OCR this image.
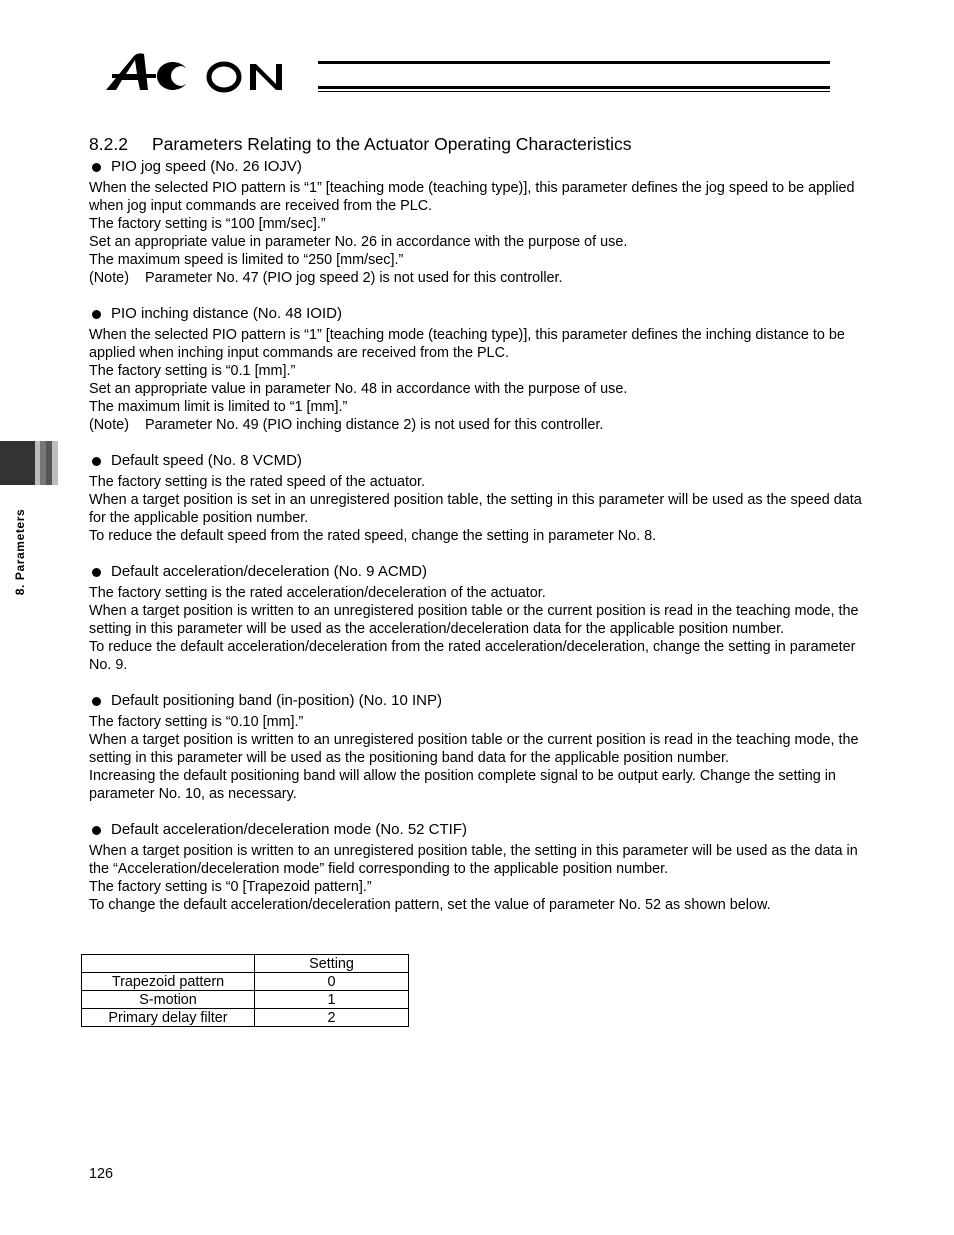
8. Parameters
8.2.2	Parameters Relating to the Actuator Operating Characteristics
PIO jog speed (No. 26 IOJV)

When the selected PIO pattern is “1” [teaching mode (teaching type)], this parameter defines the jog speed to be applied when jog input commands are received from the PLC.

The factory setting is “100 [mm/sec].”

Set an appropriate value in parameter No. 26 in accordance with the purpose of use.

The maximum speed is limited to “250 [mm/sec].”

(Note)	Parameter No. 47 (PIO jog speed 2) is not used for this controller.
PIO inching distance (No. 48 IOID)

When the selected PIO pattern is “1” [teaching mode (teaching type)], this parameter defines the inching distance to be applied when inching input commands are received from the PLC.

The factory setting is “0.1 [mm].”

Set an appropriate value in parameter No. 48 in accordance with the purpose of use.

The maximum limit is limited to “1 [mm].”

(Note)	Parameter No. 49 (PIO inching distance 2) is not used for this controller.
Default speed (No. 8 VCMD)

The factory setting is the rated speed of the actuator.

When a target position is set in an unregistered position table, the setting in this parameter will be used as the speed data for the applicable position number.

To reduce the default speed from the rated speed, change the setting in parameter No. 8.

Default acceleration/deceleration (No. 9 ACMD)

The factory setting is the rated acceleration/deceleration of the actuator.

When a target position is written to an unregistered position table or the current position is read in the teaching mode, the setting in this parameter will be used as the acceleration/deceleration data for the applicable position number.

To reduce the default acceleration/deceleration from the rated acceleration/deceleration, change the setting in parameter No. 9.

Default positioning band (in-position) (No. 10 INP)

The factory setting is “0.10 [mm].”

When a target position is written to an unregistered position table or the current position is read in the teaching mode, the setting in this parameter will be used as the positioning band data for the applicable position number.

Increasing the default positioning band will allow the position complete signal to be output early. Change the setting in parameter No. 10, as necessary.

Default acceleration/deceleration mode (No. 52 CTIF)

When a target position is written to an unregistered position table, the setting in this parameter will be used as the data in the “Acceleration/deceleration mode” field corresponding to the applicable position number.

The factory setting is “0 [Trapezoid pattern].”

To change the default acceleration/deceleration pattern, set the value of parameter No. 52 as shown below.

	Setting
Trapezoid pattern	0
S-motion	1
Primary delay filter	2
126
